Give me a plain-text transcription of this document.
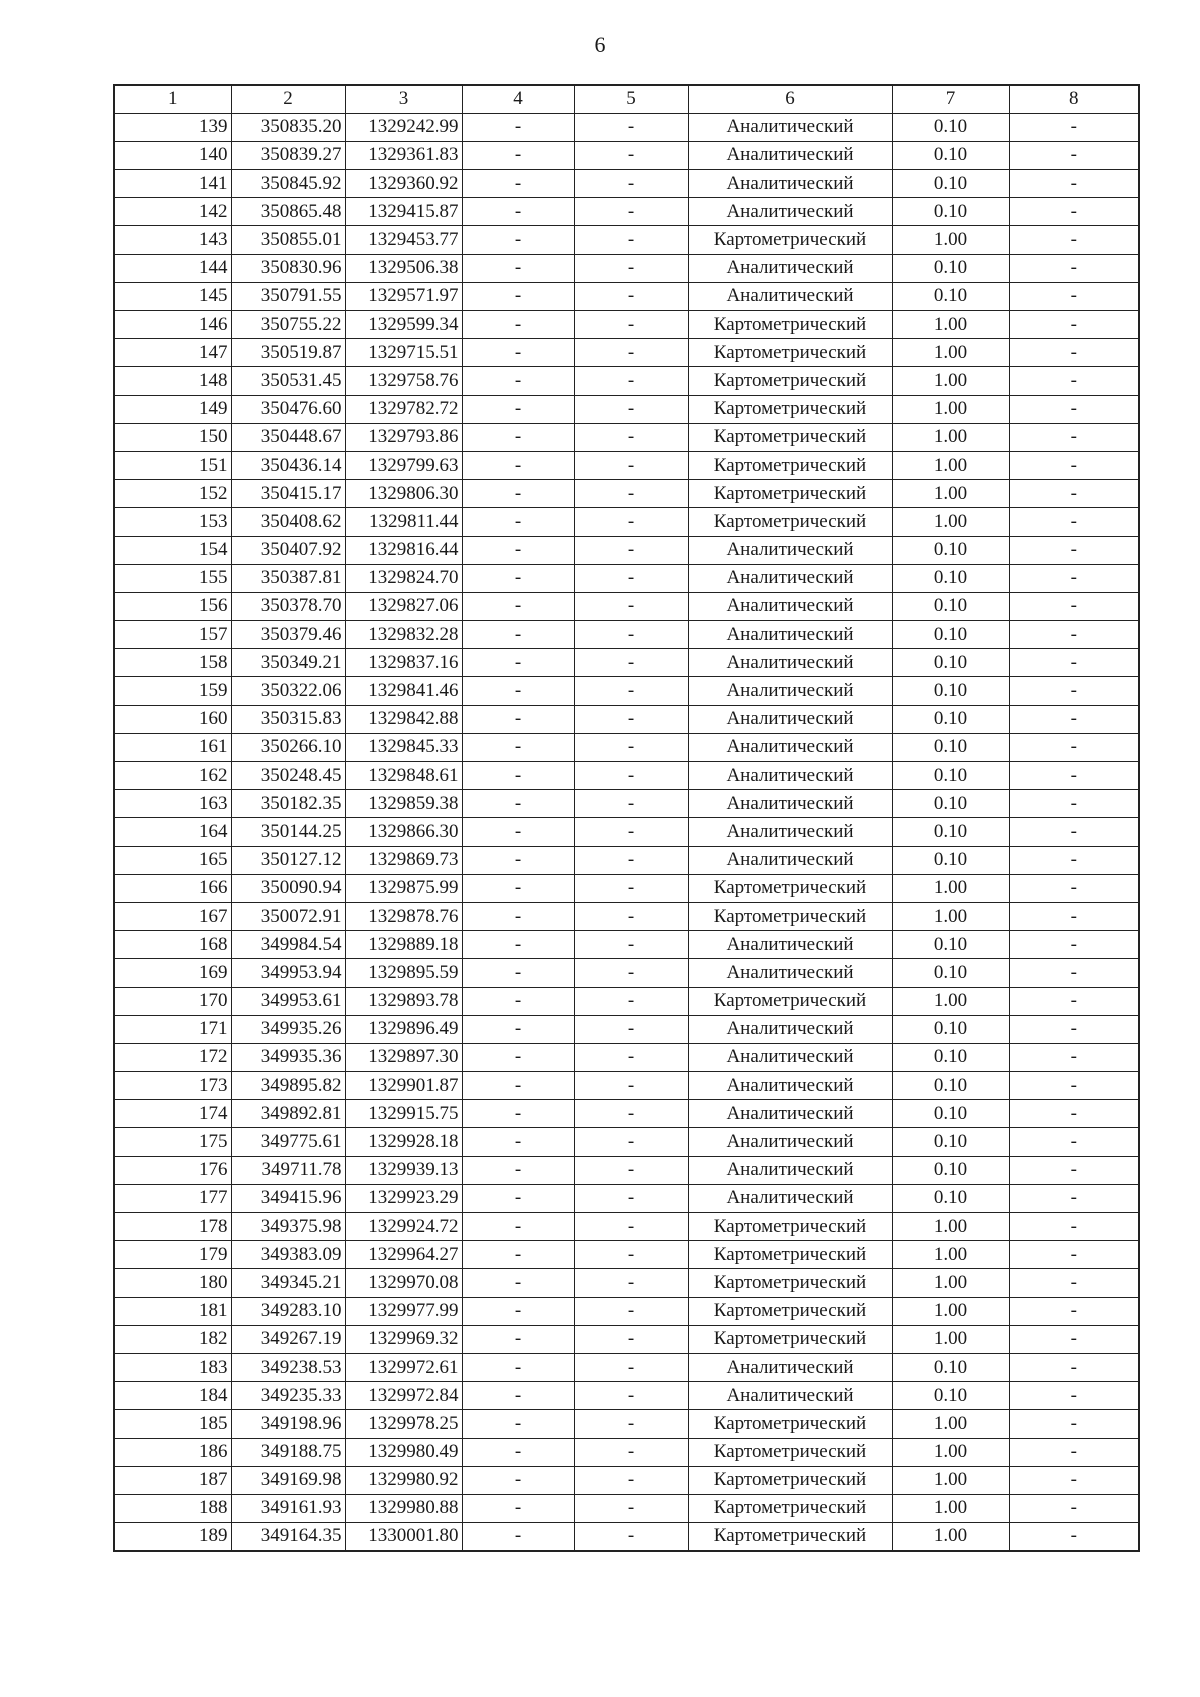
6
1	2	3	4	5	6	7	8
139	350835.20	1329242.99	-	-	Аналитический	0.10	-
140	350839.27	1329361.83	-	-	Аналитический	0.10	-
141	350845.92	1329360.92	-	-	Аналитический	0.10	-
142	350865.48	1329415.87	-	-	Аналитический	0.10	-
143	350855.01	1329453.77	-	-	Картометрический	1.00	-
144	350830.96	1329506.38	-	-	Аналитический	0.10	-
145	350791.55	1329571.97	-	-	Аналитический	0.10	-
146	350755.22	1329599.34	-	-	Картометрический	1.00	-
147	350519.87	1329715.51	-	-	Картометрический	1.00	-
148	350531.45	1329758.76	-	-	Картометрический	1.00	-
149	350476.60	1329782.72	-	-	Картометрический	1.00	-
150	350448.67	1329793.86	-	-	Картометрический	1.00	-
151	350436.14	1329799.63	-	-	Картометрический	1.00	-
152	350415.17	1329806.30	-	-	Картометрический	1.00	-
153	350408.62	1329811.44	-	-	Картометрический	1.00	-
154	350407.92	1329816.44	-	-	Аналитический	0.10	-
155	350387.81	1329824.70	-	-	Аналитический	0.10	-
156	350378.70	1329827.06	-	-	Аналитический	0.10	-
157	350379.46	1329832.28	-	-	Аналитический	0.10	-
158	350349.21	1329837.16	-	-	Аналитический	0.10	-
159	350322.06	1329841.46	-	-	Аналитический	0.10	-
160	350315.83	1329842.88	-	-	Аналитический	0.10	-
161	350266.10	1329845.33	-	-	Аналитический	0.10	-
162	350248.45	1329848.61	-	-	Аналитический	0.10	-
163	350182.35	1329859.38	-	-	Аналитический	0.10	-
164	350144.25	1329866.30	-	-	Аналитический	0.10	-
165	350127.12	1329869.73	-	-	Аналитический	0.10	-
166	350090.94	1329875.99	-	-	Картометрический	1.00	-
167	350072.91	1329878.76	-	-	Картометрический	1.00	-
168	349984.54	1329889.18	-	-	Аналитический	0.10	-
169	349953.94	1329895.59	-	-	Аналитический	0.10	-
170	349953.61	1329893.78	-	-	Картометрический	1.00	-
171	349935.26	1329896.49	-	-	Аналитический	0.10	-
172	349935.36	1329897.30	-	-	Аналитический	0.10	-
173	349895.82	1329901.87	-	-	Аналитический	0.10	-
174	349892.81	1329915.75	-	-	Аналитический	0.10	-
175	349775.61	1329928.18	-	-	Аналитический	0.10	-
176	349711.78	1329939.13	-	-	Аналитический	0.10	-
177	349415.96	1329923.29	-	-	Аналитический	0.10	-
178	349375.98	1329924.72	-	-	Картометрический	1.00	-
179	349383.09	1329964.27	-	-	Картометрический	1.00	-
180	349345.21	1329970.08	-	-	Картометрический	1.00	-
181	349283.10	1329977.99	-	-	Картометрический	1.00	-
182	349267.19	1329969.32	-	-	Картометрический	1.00	-
183	349238.53	1329972.61	-	-	Аналитический	0.10	-
184	349235.33	1329972.84	-	-	Аналитический	0.10	-
185	349198.96	1329978.25	-	-	Картометрический	1.00	-
186	349188.75	1329980.49	-	-	Картометрический	1.00	-
187	349169.98	1329980.92	-	-	Картометрический	1.00	-
188	349161.93	1329980.88	-	-	Картометрический	1.00	-
189	349164.35	1330001.80	-	-	Картометрический	1.00	-
